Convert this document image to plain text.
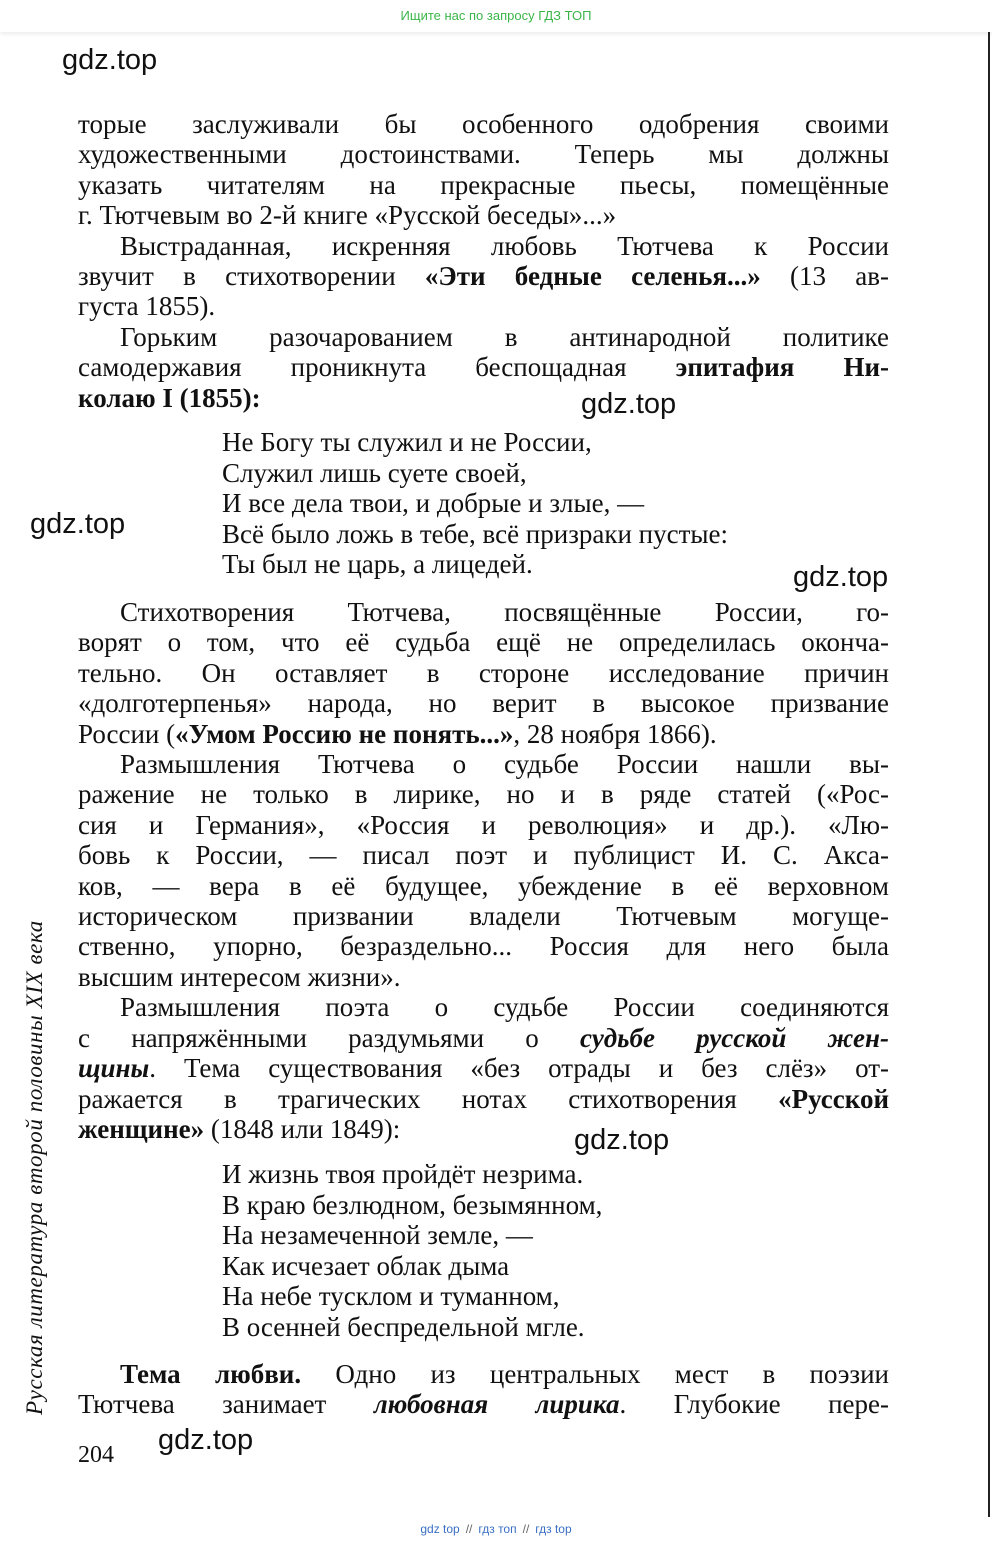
Ищите нас по запросу ГДЗ ТОП
gdz.top
gdz.top
gdz.top
gdz.top
gdz.top
gdz.top
торые заслуживали бы особенного одобрения своими
художественными достоинствами. Теперь мы должны
указать читателям на прекрасные пьесы, помещённые
г. Тютчевым во 2-й книге «Русской беседы»...»
Выстраданная, искренняя любовь Тютчева к России
звучит в стихотворении «Эти бедные селенья...» (13 ав-
густа 1855).
Горьким разочарованием в антинародной политике
самодержавия проникнута беспощадная эпитафия Ни-
колаю I (1855):
Не Богу ты служил и не России,
Служил лишь суете своей,
И все дела твои, и добрые и злые, —
Всё было ложь в тебе, всё призраки пустые:
Ты был не царь, а лицедей.
Стихотворения Тютчева, посвящённые России, го-
ворят о том, что её судьба ещё не определилась оконча-
тельно. Он оставляет в стороне исследование причин
«долготерпенья» народа, но верит в высокое призвание
России («Умом Россию не понять...», 28 ноября 1866).
Размышления Тютчева о судьбе России нашли вы-
ражение не только в лирике, но и в ряде статей («Рос-
сия и Германия», «Россия и революция» и др.). «Лю-
бовь к России, — писал поэт и публицист И. С. Акса-
ков, — вера в её будущее, убеждение в её верховном
историческом призвании владели Тютчевым могуще-
ственно, упорно, безраздельно... Россия для него была
высшим интересом жизни».
Размышления поэта о судьбе России соединяются
с напряжёнными раздумьями о судьбе русской жен-
щины. Тема существования «без отрады и без слёз» от-
ражается в трагических нотах стихотворения «Русской
женщине» (1848 или 1849):
И жизнь твоя пройдёт незрима.
В краю безлюдном, безымянном,
На незамеченной земле, —
Как исчезает облак дыма
На небе тусклом и туманном,
В осенней беспредельной мгле.
Тема любви. Одно из центральных мест в поэзии
Тютчева занимает любовная лирика. Глубокие пере-
Русская литература второй половины XIX века
204
gdz top // гдз топ // гдз top
